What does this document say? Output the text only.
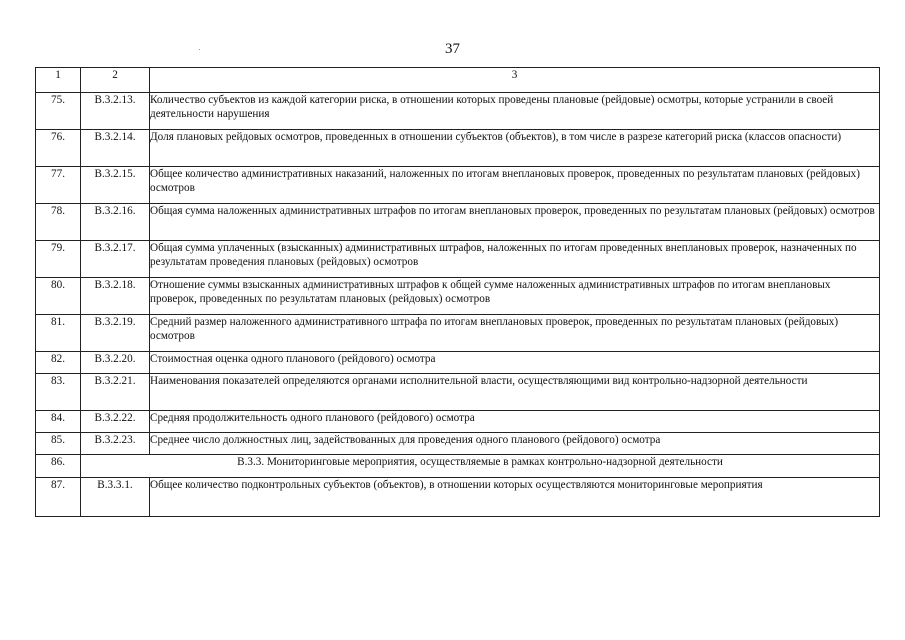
37
1	2	3
75.	В.3.2.13.	Количество субъектов из каждой категории риска, в отношении которых проведены плановые (рейдовые) осмотры, которые устранили в своей деятельности нарушения
76.	В.3.2.14.	Доля плановых рейдовых осмотров, проведенных в отношении субъектов (объектов), в том числе в разрезе категорий риска (классов опасности)
77.	В.3.2.15.	Общее количество административных наказаний, наложенных по итогам внеплановых проверок, проведенных по результатам плановых (рейдовых) осмотров
78.	В.3.2.16.	Общая сумма наложенных административных штрафов по итогам внеплановых проверок, проведенных по результатам плановых (рейдовых) осмотров
79.	В.3.2.17.	Общая сумма уплаченных (взысканных) административных штрафов, наложенных по итогам проведенных внеплановых проверок, назначенных по результатам проведения плановых (рейдовых) осмотров
80.	В.3.2.18.	Отношение суммы взысканных административных штрафов к общей сумме наложенных административных штрафов по итогам внеплановых проверок, проведенных по результатам плановых (рейдовых) осмотров
81.	В.3.2.19.	Средний размер наложенного административного штрафа по итогам внеплановых проверок, проведенных по результатам плановых (рейдовых) осмотров
82.	В.3.2.20.	Стоимостная оценка одного планового (рейдового) осмотра
83.	В.3.2.21.	Наименования показателей определяются органами исполнительной власти, осуществляющими вид контрольно-надзорной деятельности
84.	В.3.2.22.	Средняя продолжительность одного планового (рейдового) осмотра
85.	В.3.2.23.	Среднее число должностных лиц, задействованных для проведения одного планового (рейдового) осмотра
86.	В.3.3. Мониторинговые мероприятия, осуществляемые в рамках контрольно-надзорной деятельности	
87.	В.3.3.1.	Общее количество подконтрольных субъектов (объектов), в отношении которых осуществляются мониторинговые мероприятия
